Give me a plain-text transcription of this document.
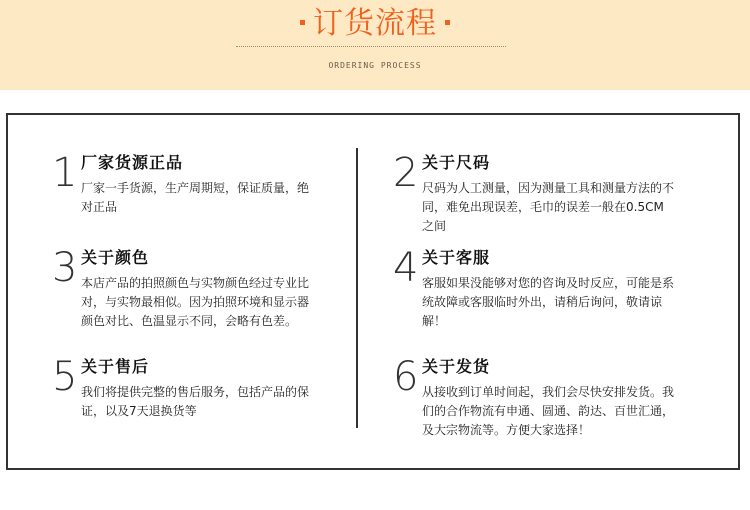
订货流程
ORDERING PROCESS
1 厂家货源正品
厂家一手货源，生产周期短，保证质量，绝对正品
2 关于尺码
尺码为人工测量，因为测量工具和测量方法的不同，难免出现误差，毛巾的误差一般在0.5CM之间
3 关于颜色
本店产品的拍照颜色与实物颜色经过专业比对，与实物最相似。因为拍照环境和显示器颜色对比、色温显示不同，会略有色差。
4 关于客服
客服如果没能够对您的咨询及时反应，可能是系统故障或客服临时外出，请稍后询问，敬请谅解！
5 关于售后
我们将提供完整的售后服务，包括产品的保证，以及7天退换货等
6 关于发货
从接收到订单时间起，我们会尽快安排发货。我们的合作物流有申通、圆通、韵达、百世汇通，及大宗物流等。方便大家选择！
